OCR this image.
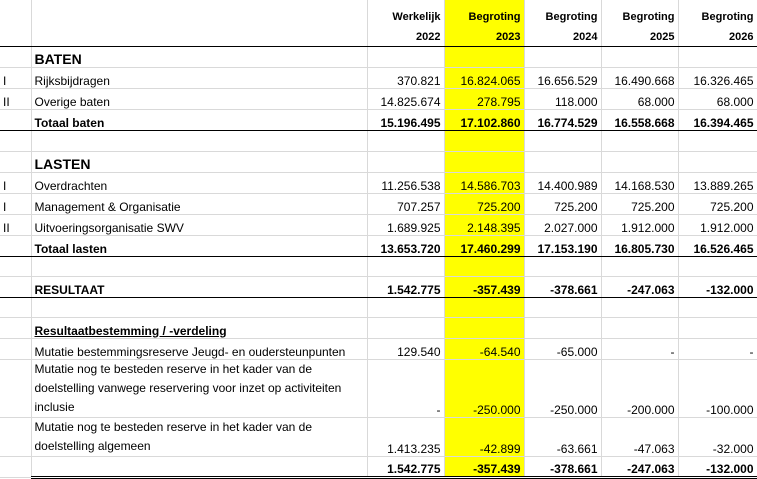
		Werkelijk	Begroting	Begroting	Begroting	Begroting
		2022	2023	2024	2025	2026
	BATEN					
I	Rijksbijdragen	370.821	16.824.065	16.656.529	16.490.668	16.326.465
II	Overige baten	14.825.674	278.795	118.000	68.000	68.000
	Totaal baten	15.196.495	17.102.860	16.774.529	16.558.668	16.394.465

	LASTEN					
I	Overdrachten	11.256.538	14.586.703	14.400.989	14.168.530	13.889.265
I	Management & Organisatie	707.257	725.200	725.200	725.200	725.200
II	Uitvoeringsorganisatie SWV	1.689.925	2.148.395	2.027.000	1.912.000	1.912.000
	Totaal lasten	13.653.720	17.460.299	17.153.190	16.805.730	16.526.465

	RESULTAAT	1.542.775	-357.439	-378.661	-247.063	-132.000

	Resultaatbestemming / -verdeling					
	Mutatie bestemmingsreserve Jeugd- en oudersteunpunten	129.540	-64.540	-65.000	-	-
	Mutatie nog te besteden reserve in het kader van de doelstelling vanwege reservering voor inzet op activiteiten inclusie	-	-250.000	-250.000	-200.000	-100.000
	Mutatie nog te besteden reserve in het kader van de doelstelling algemeen	1.413.235	-42.899	-63.661	-47.063	-32.000
		1.542.775	-357.439	-378.661	-247.063	-132.000
